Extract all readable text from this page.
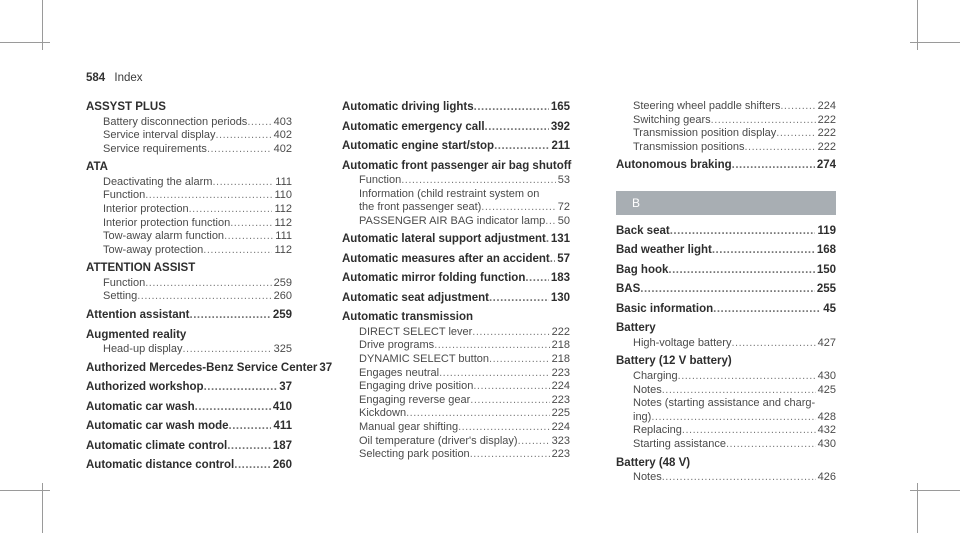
584 Index
ASSYST PLUS
Battery disconnection periods ..... 403
Service interval display .....	402
Service requirements .....	402
ATA
Deactivating the alarm .....	111
Function .....	110
Interior protection .....	112
Interior protection function .....	112
Tow-away alarm function .....	111
Tow-away protection .....	112
ATTENTION ASSIST
Function .....	259
Setting .....	260
Attention assistant .....	259
Augmented reality
Head-up display .....	325
Authorized Mercedes-Benz Service Center 37
Authorized workshop .....	37
Automatic car wash .....	410
Automatic car wash mode .....	411
Automatic climate control .....	187
Automatic distance control .....	260
Automatic driving lights .....	165
Automatic emergency call .....	392
Automatic engine start/stop .....	211
Automatic front passenger air bag shutoff
Function .....	53
Information (child restraint system on
the front passenger seat) .....	72
PASSENGER AIR BAG indicator lamp ..... 50
Automatic lateral support adjustment ..... 131
Automatic measures after an accident ..... 57
Automatic mirror folding function ..... 183
Automatic seat adjustment .....	130
Automatic transmission
DIRECT SELECT lever .....	222
Drive programs .....	218
DYNAMIC SELECT button .....	218
Engages neutral .....	223
Engaging drive position .....	224
Engaging reverse gear .....	223
Kickdown .....	225
Manual gear shifting .....	224
Oil temperature (driver's display) .....	323
Selecting park position .....	223
Steering wheel paddle shifters .....	224
Switching gears .....	222
Transmission position display .....	222
Transmission positions .....	222
Autonomous braking .....	274
B
Back seat .....	119
Bad weather light .....	168
Bag hook .....	150
BAS .....	255
Basic information .....	45
Battery
High-voltage battery .....	427
Battery (12 V battery)
Charging .....	430
Notes .....	425
Notes (starting assistance and charg-
ing) .....	428
Replacing .....	432
Starting assistance .....	430
Battery (48 V)
Notes .....	426
